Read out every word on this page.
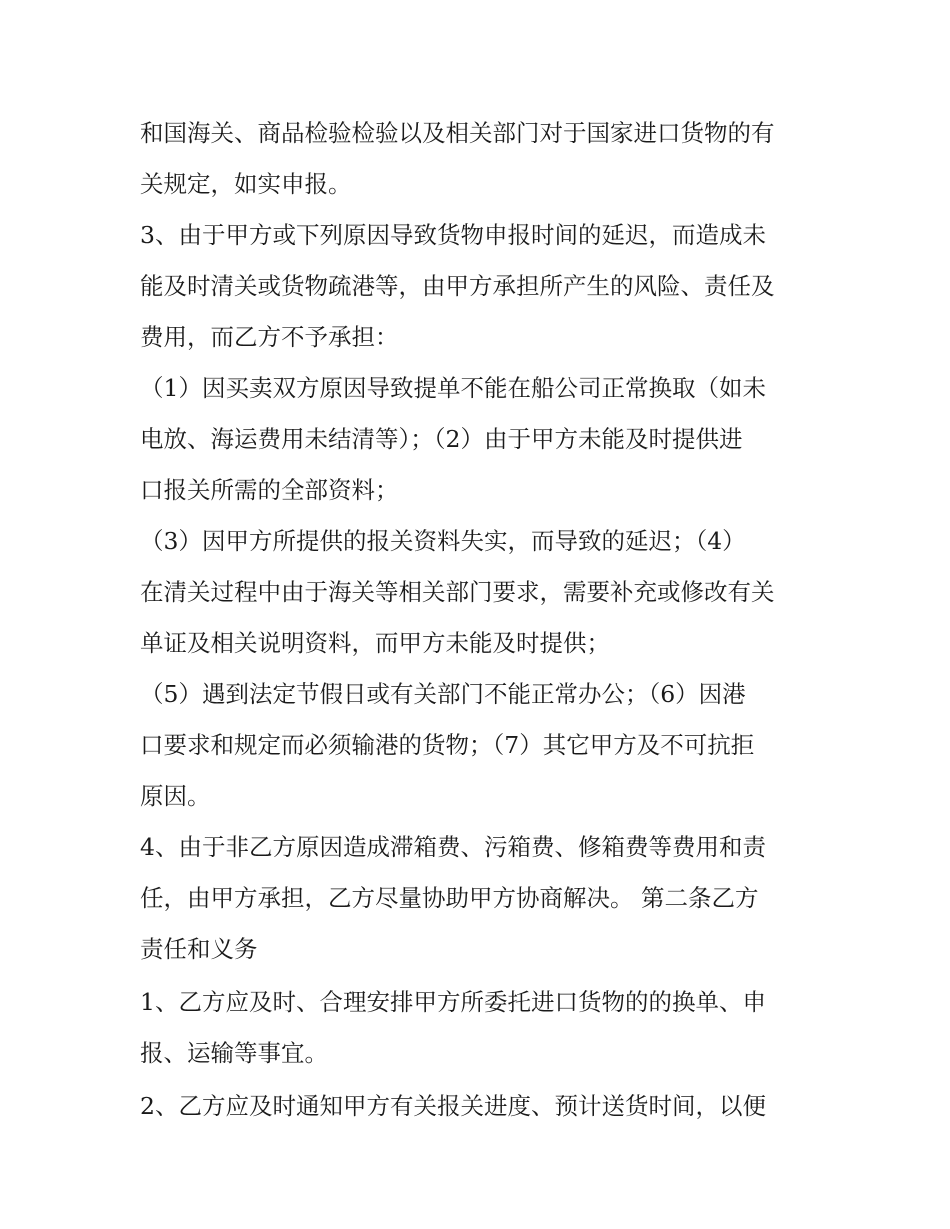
和国海关、商品检验检验以及相关部门对于国家进口货物的有
关规定，如实申报。
3、由于甲方或下列原因导致货物申报时间的延迟，而造成未
能及时清关或货物疏港等，由甲方承担所产生的风险、责任及
费用，而乙方不予承担：
（1）因买卖双方原因导致提单不能在船公司正常换取（如未
电放、海运费用未结清等）；（2）由于甲方未能及时提供进
口报关所需的全部资料；
（3）因甲方所提供的报关资料失实，而导致的延迟；（4）
在清关过程中由于海关等相关部门要求，需要补充或修改有关
单证及相关说明资料，而甲方未能及时提供；
（5）遇到法定节假日或有关部门不能正常办公；（6）因港
口要求和规定而必须输港的货物；（7）其它甲方及不可抗拒
原因。
4、由于非乙方原因造成滞箱费、污箱费、修箱费等费用和责
任，由甲方承担，乙方尽量协助甲方协商解决。 第二条乙方
责任和义务
1、乙方应及时、合理安排甲方所委托进口货物的的换单、申
报、运输等事宜。
2、乙方应及时通知甲方有关报关进度、预计送货时间，以便
